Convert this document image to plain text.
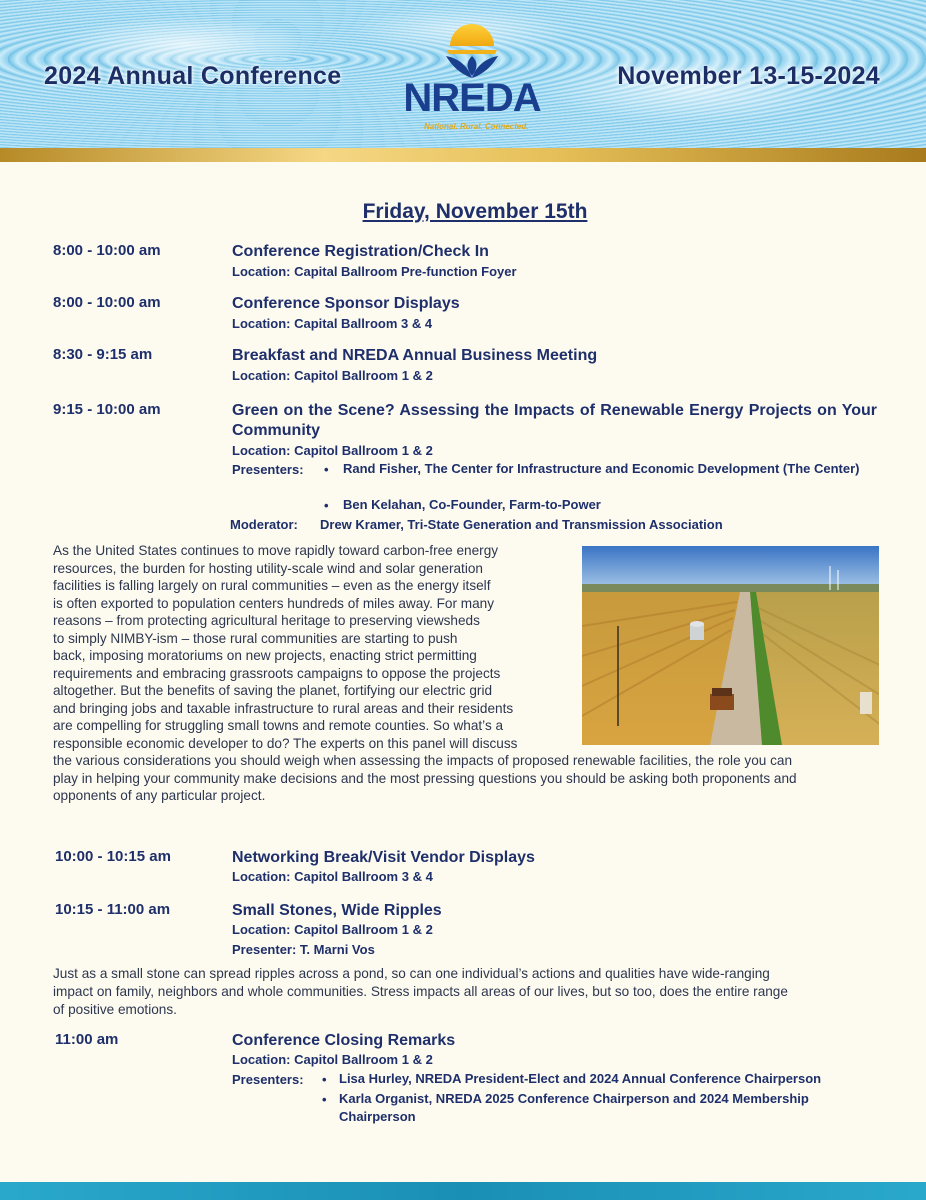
2024 Annual Conference	November 13-15-2024
NREDA
National. Rural. Connected.
Friday, November 15th
8:00 - 10:00 am	Conference Registration/Check In
Location: Capital Ballroom Pre-function Foyer
8:00 - 10:00 am	Conference Sponsor Displays
Location: Capital Ballroom 3 & 4
8:30 - 9:15 am	Breakfast and NREDA Annual Business Meeting
Location: Capitol Ballroom 1 & 2
9:15 - 10:00 am	Green on the Scene? Assessing the Impacts of Renewable Energy Projects on Your Community
Location: Capitol Ballroom 1 & 2
Presenters: • Rand Fisher, The Center for Infrastructure and Economic Development (The Center)
• Ben Kelahan, Co-Founder, Farm-to-Power
Moderator: Drew Kramer, Tri-State Generation and Transmission Association
As the United States continues to move rapidly toward carbon-free energy
resources, the burden for hosting utility-scale wind and solar generation
facilities is falling largely on rural communities – even as the energy itself
is often exported to population centers hundreds of miles away. For many
reasons – from protecting agricultural heritage to preserving viewsheds
to simply NIMBY-ism – those rural communities are starting to push
back, imposing moratoriums on new projects, enacting strict permitting
requirements and embracing grassroots campaigns to oppose the projects
altogether. But the benefits of saving the planet, fortifying our electric grid
and bringing jobs and taxable infrastructure to rural areas and their residents
are compelling for struggling small towns and remote counties. So what’s a
responsible economic developer to do? The experts on this panel will discuss
the various considerations you should weigh when assessing the impacts of proposed renewable facilities, the role you can
play in helping your community make decisions and the most pressing questions you should be asking both proponents and
opponents of any particular project.
10:00 - 10:15 am	Networking Break/Visit Vendor Displays
Location: Capitol Ballroom 3 & 4
10:15 - 11:00 am	Small Stones, Wide Ripples
Location: Capitol Ballroom 1 & 2
Presenter: T. Marni Vos
Just as a small stone can spread ripples across a pond, so can one individual’s actions and qualities have wide-ranging
impact on family, neighbors and whole communities. Stress impacts all areas of our lives, but so too, does the entire range
of positive emotions.
11:00 am	Conference Closing Remarks
Location: Capitol Ballroom 1 & 2
Presenters: • Lisa Hurley, NREDA President-Elect and 2024 Annual Conference Chairperson
• Karla Organist, NREDA 2025 Conference Chairperson and 2024 Membership Chairperson
